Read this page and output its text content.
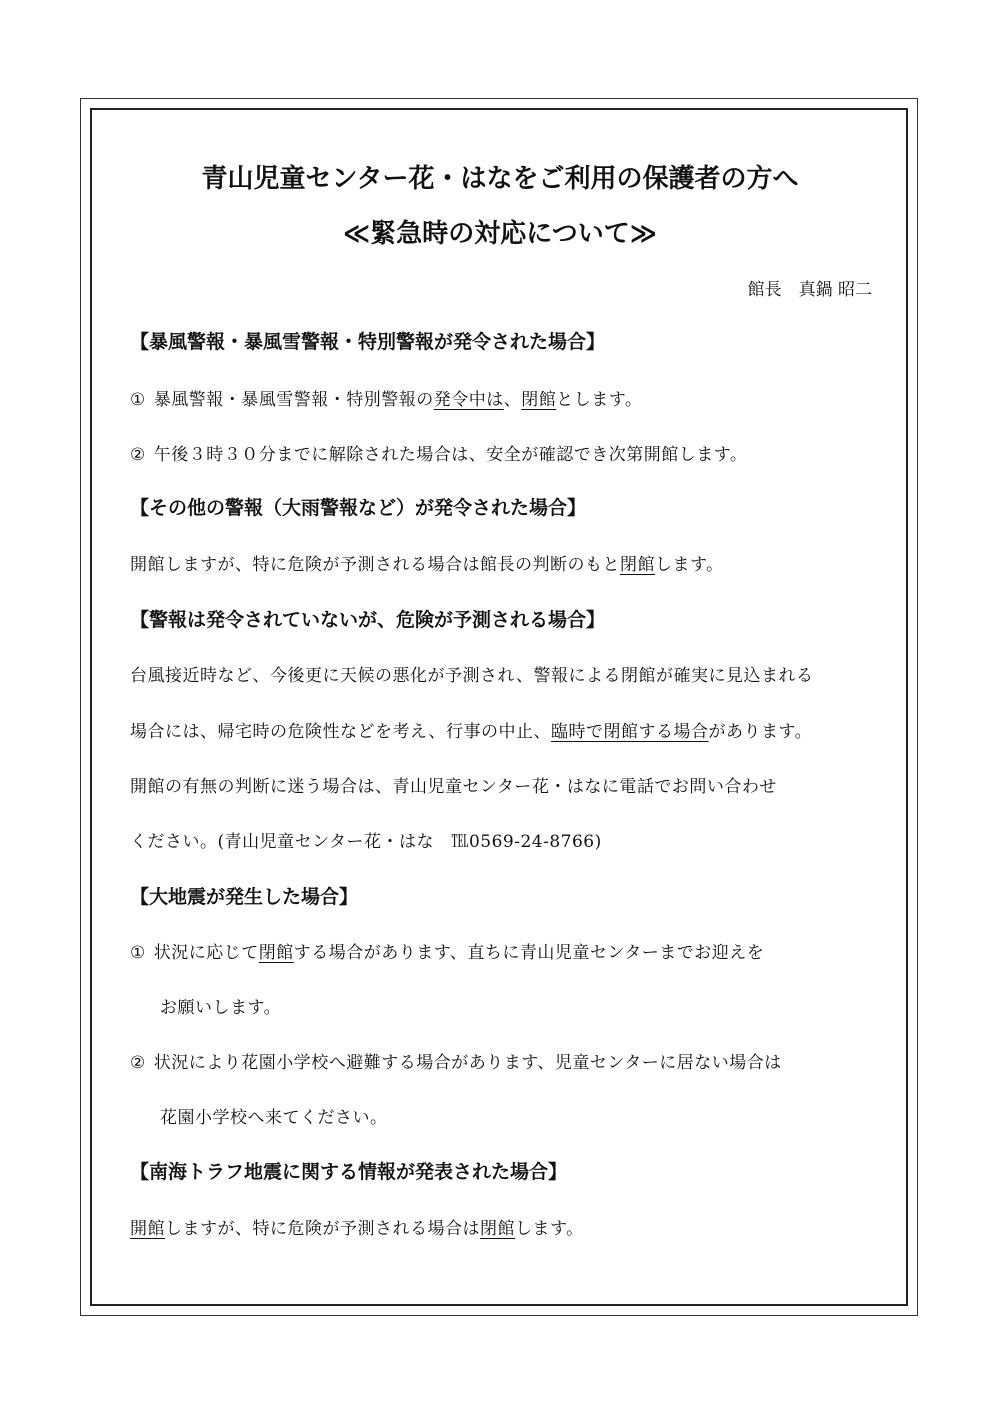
青山児童センター花・はなをご利用の保護者の方へ
≪緊急時の対応について≫
館長　真鍋 昭二
【暴風警報・暴風雪警報・特別警報が発令された場合】
① 暴風警報・暴風雪警報・特別警報の発令中は、閉館とします。
② 午後３時３０分までに解除された場合は、安全が確認でき次第開館します。
【その他の警報（大雨警報など）が発令された場合】
開館しますが、特に危険が予測される場合は館長の判断のもと閉館します。
【警報は発令されていないが、危険が予測される場合】
台風接近時など、今後更に天候の悪化が予測され、警報による閉館が確実に見込まれる
場合には、帰宅時の危険性などを考え、行事の中止、臨時で閉館する場合があります。
開館の有無の判断に迷う場合は、青山児童センター花・はなに電話でお問い合わせ
ください。(青山児童センター花・はな　℡0569-24-8766)
【大地震が発生した場合】
① 状況に応じて閉館する場合があります、直ちに青山児童センターまでお迎えを
お願いします。
② 状況により花園小学校へ避難する場合があります、児童センターに居ない場合は
花園小学校へ来てください。
【南海トラフ地震に関する情報が発表された場合】
開館しますが、特に危険が予測される場合は閉館します。
